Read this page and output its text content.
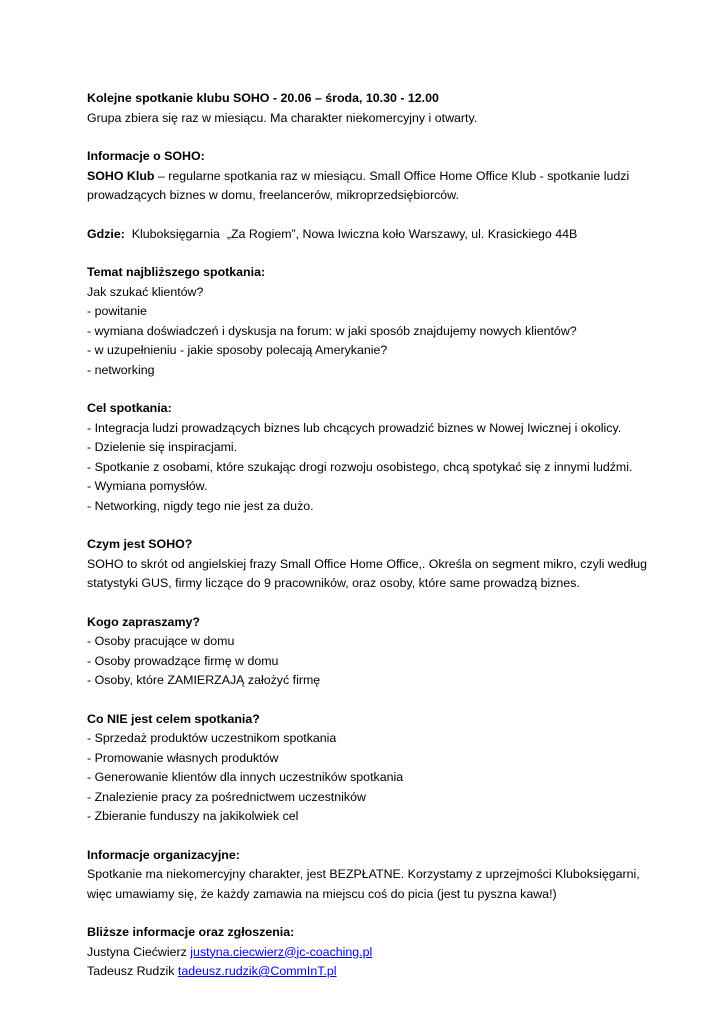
Kolejne spotkanie klubu SOHO - 20.06 – środa, 10.30 - 12.00

Grupa zbiera się raz w miesiącu. Ma charakter niekomercyjny i otwarty.

Informacje o SOHO:

SOHO Klub – regularne spotkania raz w miesiącu. Small Office Home Office Klub - spotkanie ludzi prowadzących biznes w domu, freelancerów, mikroprzedsiębiorców.

Gdzie:  Kluboksięgarnia  „Za Rogiem”, Nowa Iwiczna koło Warszawy, ul. Krasickiego 44B

Temat najbliższego spotkania:

Jak szukać klientów?

- powitanie

- wymiana doświadczeń i dyskusja na forum: w jaki sposób znajdujemy nowych klientów?

- w uzupełnieniu - jakie sposoby polecają Amerykanie?

- networking

Cel spotkania:

- Integracja ludzi prowadzących biznes lub chcących prowadzić biznes w Nowej Iwicznej i okolicy.

- Dzielenie się inspiracjami.

- Spotkanie z osobami, które szukając drogi rozwoju osobistego, chcą spotykać się z innymi ludźmi.

- Wymiana pomysłów.

- Networking, nigdy tego nie jest za dużo.

Czym jest SOHO?

SOHO to skrót od angielskiej frazy Small Office Home Office,. Określa on segment mikro, czyli według statystyki GUS, firmy liczące do 9 pracowników, oraz osoby, które same prowadzą biznes.

Kogo zapraszamy?

- Osoby pracujące w domu

- Osoby prowadzące firmę w domu

- Osoby, które ZAMIERZAJĄ założyć firmę

Co NIE jest celem spotkania?

- Sprzedaż produktów uczestnikom spotkania

- Promowanie własnych produktów

- Generowanie klientów dla innych uczestników spotkania

- Znalezienie pracy za pośrednictwem uczestników

- Zbieranie funduszy na jakikolwiek cel

Informacje organizacyjne:

Spotkanie ma niekomercyjny charakter, jest BEZPŁATNE. Korzystamy z uprzejmości Kluboksięgarni, więc umawiamy się, że każdy zamawia na miejscu coś do picia (jest tu pyszna kawa!)

Bliższe informacje oraz zgłoszenia:

Justyna Ciećwierz justyna.ciecwierz@jc-coaching.pl

Tadeusz Rudzik tadeusz.rudzik@CommInT.pl
